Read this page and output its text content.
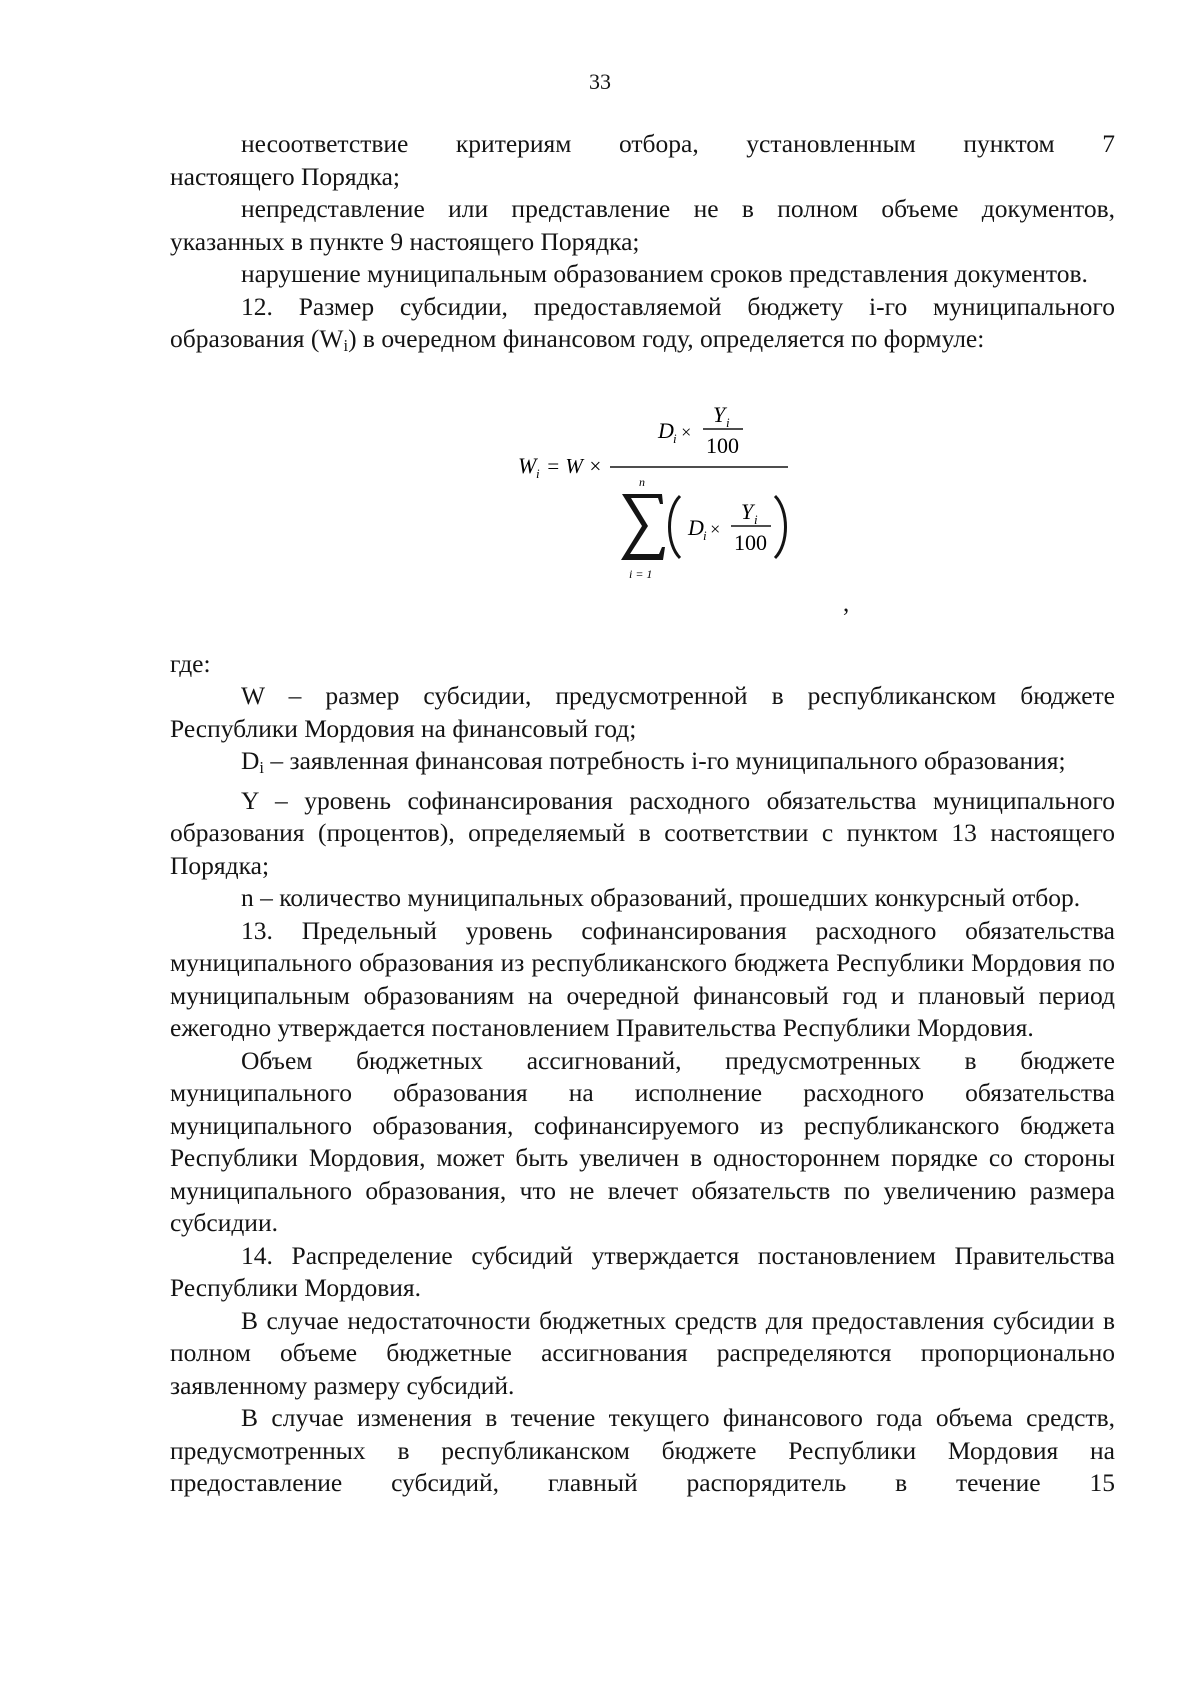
33

несоответствие критериям отбора, установленным пунктом 7

настоящего Порядка;

непредставление или представление не в полном объеме документов, указанных в пункте 9 настоящего Порядка;

нарушение муниципальным образованием сроков представления документов.

12. Размер субсидии, предоставляемой бюджету i-го муниципального образования $(W_i)$ в очередном финансовом году, определяется по формуле:

D i ×
Y i
100
W i = W ×
n
i = 1
D i ×
Y i
100
,

где:

W – размер субсидии, предусмотренной в республиканском бюджете Республики Мордовия на финансовый год;

$D_i$ – заявленная финансовая потребность i-го муниципального образования;

Y – уровень софинансирования расходного обязательства муниципального образования (процентов), определяемый в соответствии с пунктом 13 настоящего Порядка;

n – количество муниципальных образований, прошедших конкурсный отбор.

13. Предельный уровень софинансирования расходного обязательства муниципального образования из республиканского бюджета Республики Мордовия по муниципальным образованиям на очередной финансовый год и плановый период ежегодно утверждается постановлением Правительства Республики Мордовия.

Объем бюджетных ассигнований, предусмотренных в бюджете муниципального образования на исполнение расходного обязательства муниципального образования, софинансируемого из республиканского бюджета Республики Мордовия, может быть увеличен в одностороннем порядке со стороны муниципального образования, что не влечет обязательств по увеличению размера субсидии.

14. Распределение субсидий утверждается постановлением Правительства Республики Мордовия.

В случае недостаточности бюджетных средств для предоставления субсидии в полном объеме бюджетные ассигнования распределяются пропорционально заявленному размеру субсидий.

В случае изменения в течение текущего финансового года объема средств, предусмотренных в республиканском бюджете Республики Мордовия на предоставление субсидий, главный распорядитель в течение 15
